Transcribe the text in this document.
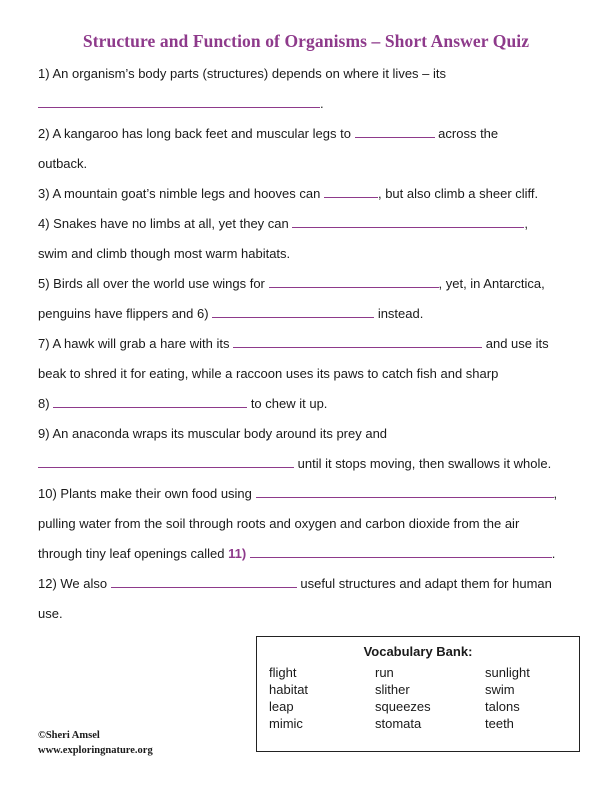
Structure and Function of Organisms – Short Answer Quiz
1) An organism’s body parts (structures) depends on where it lives – its
.
2) A kangaroo has long back feet and muscular legs to	across the
outback.
3) A mountain goat’s nimble legs and hooves can	, but also climb a sheer cliff.
4) Snakes have no limbs at all, yet they can	,
swim and climb though most warm habitats.
5) Birds all over the world use wings for	, yet, in Antarctica,
penguins have flippers and 6)	instead.
7) A hawk will grab a hare with its	and use its
beak to shred it for eating, while a raccoon uses its paws to catch fish and sharp
8)	to chew it up.
9) An anaconda wraps its muscular body around its prey and
until it stops moving, then swallows it whole.
10) Plants make their own food using	,
pulling water from the soil through roots and oxygen and carbon dioxide from the air
through tiny leaf openings called 11)	.
12) We also	useful structures and adapt them for human
use.
Vocabulary Bank:
flight	run	sunlight
habitat	slither	swim
leap	squeezes	talons
mimic	stomata	teeth
©Sheri Amsel
www.exploringnature.org
